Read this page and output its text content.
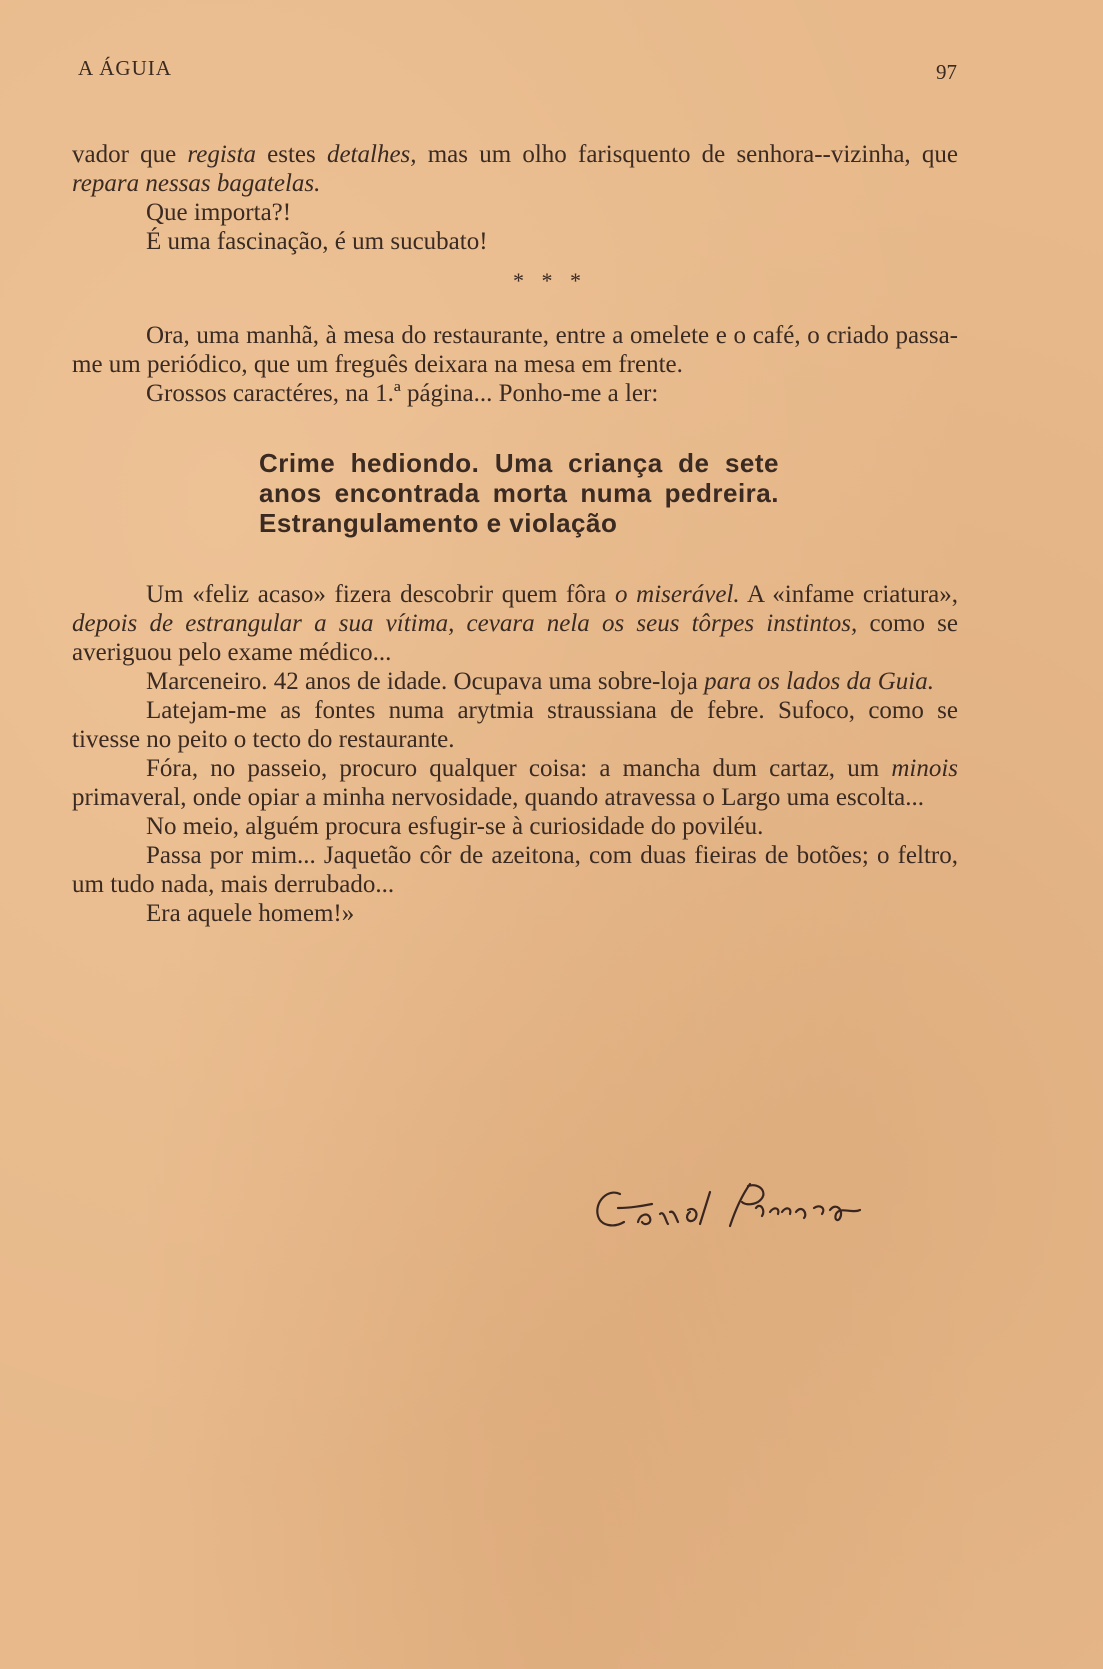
A ÁGUIA	97

vador que regista estes detalhes, mas um olho farisquento de senhora--vizinha, que repara nessas bagatelas.

Que importa?!

É uma fascinação, é um sucubato!

* * *

Ora, uma manhã, à mesa do restaurante, entre a omelete e o café, o criado passa-me um periódico, que um freguês deixara na mesa em frente.

Grossos caractéres, na 1.ª página... Ponho-me a ler:

Crime hediondo. Uma criança de sete anos encontrada morta numa pedreira. Estrangulamento e violação

Um «feliz acaso» fizera descobrir quem fôra o miserável. A «infame criatura», depois de estrangular a sua vítima, cevara nela os seus tôrpes instintos, como se averiguou pelo exame médico...

Marceneiro. 42 anos de idade. Ocupava uma sobre-loja para os lados da Guia.

Latejam-me as fontes numa arytmia straussiana de febre. Sufoco, como se tivesse no peito o tecto do restaurante.

Fóra, no passeio, procuro qualquer coisa: a mancha dum cartaz, um minois primaveral, onde opiar a minha nervosidade, quando atravessa o Largo uma escolta...

No meio, alguém procura esfugir-se à curiosidade do poviléu.

Passa por mim... Jaquetão côr de azeitona, com duas fieiras de botões; o feltro, um tudo nada, mais derrubado...

Era aquele homem!»
